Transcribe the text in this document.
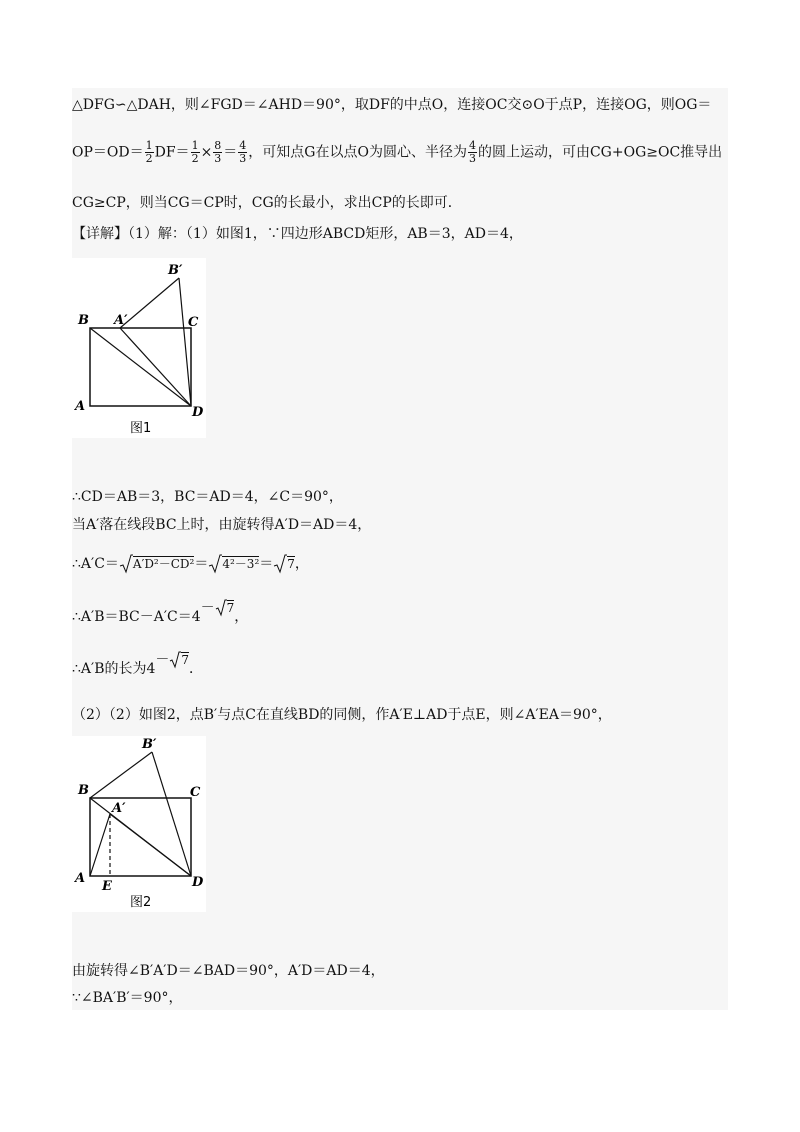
△DFG∽△DAH，则∠FGD＝∠AHD＝90°，取DF的中点O，连接OC交⊙O于点P，连接OG，则OG＝
$OP=OD= \frac{1}{2} DF= \frac{1}{2} \times \frac{8}{3} = \frac{4}{3}$ ，可知点G在以点O为圆心、半径为 $\frac{4}{3}$ 的圆上运动，可由CG+OG≥OC推导出
CG≥CP，则当CG＝CP时，CG的长最小，求出CP的长即可．
【详解】（1）解：（1）如图1，∵四边形ABCD矩形，AB＝3，AD＝4，
B′
A′
B	C
A	D
图1
∴CD＝AB＝3，BC＝AD＝4，∠C＝90°，
当A′落在线段BC上时，由旋转得A′D＝AD＝4，
∴A′C＝ A′D²－CD²＝ 4²－3²＝ 7，
∴A′B＝BC－A′C＝4－ 7，
∴A′B的长为4－ 7．
（2）（2）如图2，点B′与点C在直线BD的同侧，作A′E⊥AD于点E，则∠A′EA＝90°，
B′
A′
B	C
A
E	D
图2
由旋转得∠B′A′D＝∠BAD＝90°，A′D＝AD＝4，
∵∠BA′B′＝90°，
